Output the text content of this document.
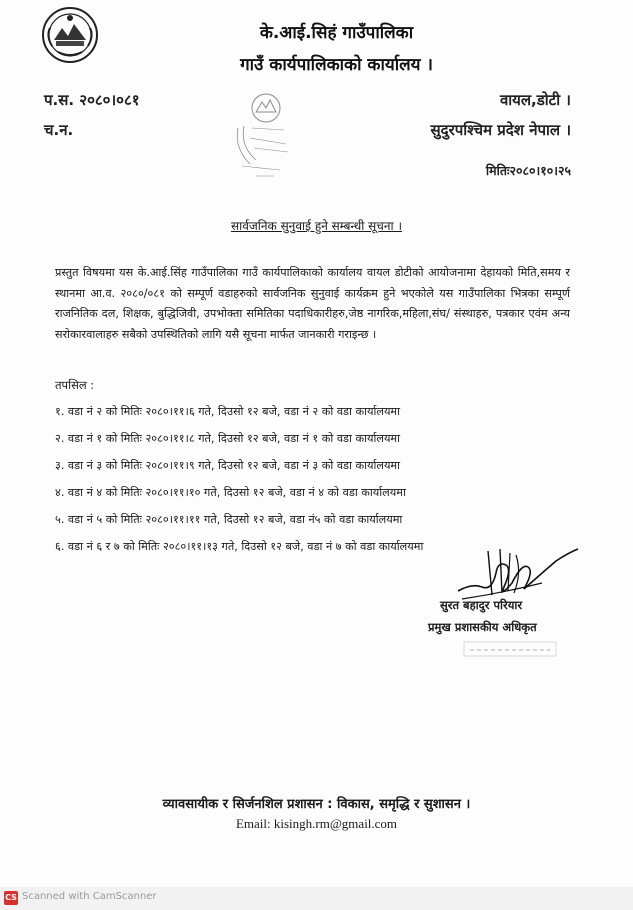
के.आई.सिहं गाउँपालिका
गाउँ कार्यपालिकाको कार्यालय ।
प.स. २०८०।०८१
च.न.
वायल,डोटी ।
सुदुरपश्चिम प्रदेश नेपाल ।
मितिः२०८०।१०।२५
सार्वजनिक सुनुवाई हुने सम्बन्धी सूचना ।
प्रस्तुत विषयमा यस के.आई.सिंह गाउँपालिका गाउँ कार्यपालिकाको कार्यालय वायल डोटीको आयोजनामा देहायको मिति,समय र स्थानमा आ.व. २०८०/०८१ को सम्पूर्ण वडाहरुको सार्वजनिक सुनुवाई कार्यक्रम हुने भएकोले यस गाउँपालिका भित्रका सम्पूर्ण राजनितिक दल, शिक्षक, बुद्धिजिवी, उपभोक्ता समितिका पदाधिकारीहरु,जेष्ठ नागरिक,महिला,संघ/ संस्थाहरु, पत्रकार एवंम अन्य सरोकारवालाहरु सबैको उपस्थितिको लागि यसै सूचना मार्फत जानकारी गराइन्छ ।
तपसिल :
१. वडा नं २ को मितिः २०८०।११।६ गते, दिउसो १२ बजे, वडा नं २ को वडा कार्यालयमा
२. वडा नं १ को मितिः २०८०।११।८ गते, दिउसो १२ बजे, वडा नं १ को वडा कार्यालयमा
३. वडा नं ३ को मितिः २०८०।११।९ गते, दिउसो १२ बजे, वडा नं ३ को वडा कार्यालयमा
४. वडा नं ४ को मितिः २०८०।११।१० गते, दिउसो १२ बजे, वडा नं ४ को वडा कार्यालयमा
५. वडा नं ५ को मितिः २०८०।११।११ गते, दिउसो १२ बजे, वडा नं५ को वडा कार्यालयमा
६. वडा नं ६ र ७ को मितिः २०८०।११।१३ गते, दिउसो १२ बजे, वडा नं ७ को वडा कार्यालयमा
सुरत बहादुर परियार
प्रमुख प्रशासकीय अधिकृत
व्यावसायीक र सिर्जनशिल प्रशासन : विकास, समृद्धि र सुशासन ।
Email: kisingh.rm@gmail.com
CS Scanned with CamScanner
